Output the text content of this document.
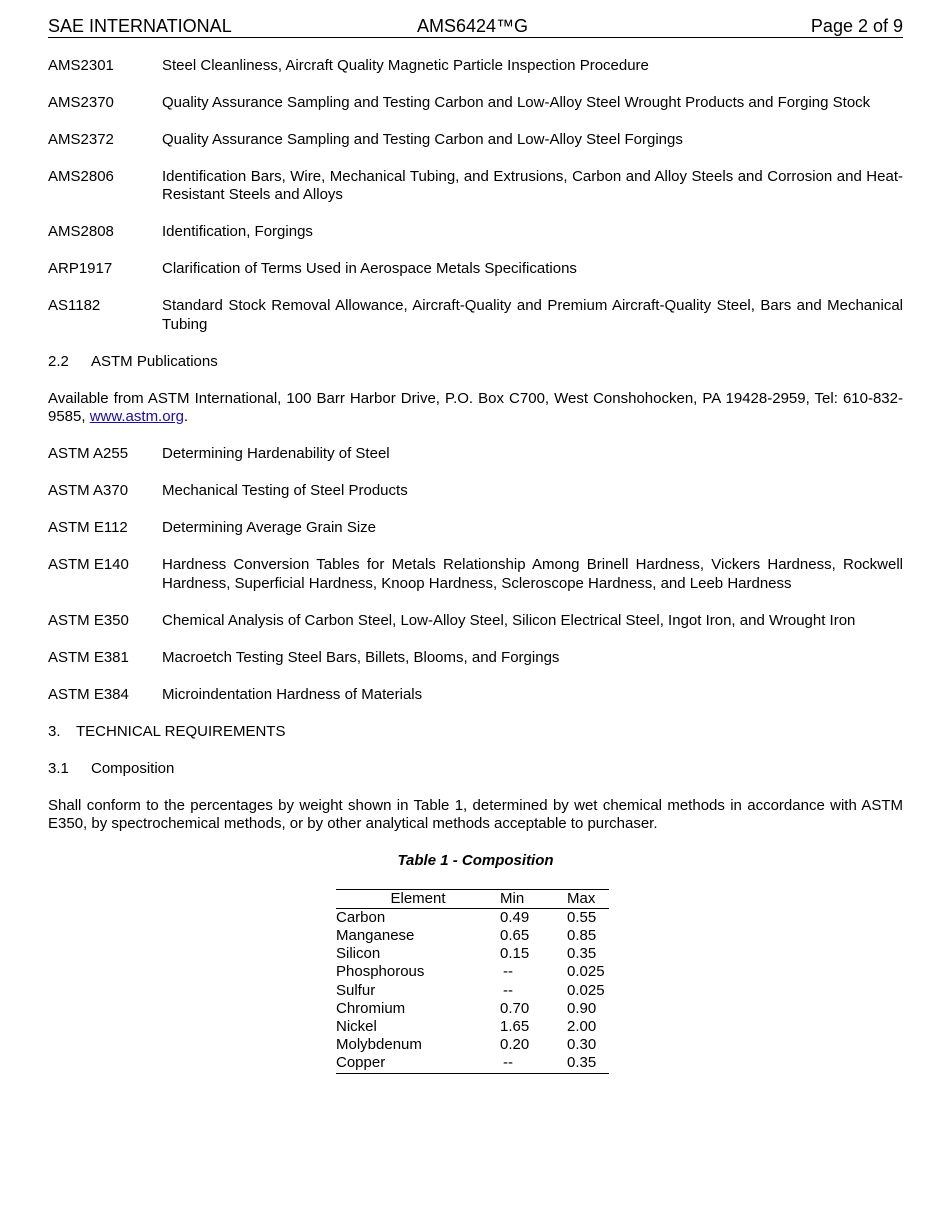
SAE INTERNATIONAL	AMS6424™G	Page 2 of 9
AMS2301	Steel Cleanliness, Aircraft Quality Magnetic Particle Inspection Procedure
AMS2370	Quality Assurance Sampling and Testing Carbon and Low-Alloy Steel Wrought Products and Forging Stock
AMS2372	Quality Assurance Sampling and Testing Carbon and Low-Alloy Steel Forgings
AMS2806	Identification Bars, Wire, Mechanical Tubing, and Extrusions, Carbon and Alloy Steels and Corrosion and Heat-Resistant Steels and Alloys
AMS2808	Identification, Forgings
ARP1917	Clarification of Terms Used in Aerospace Metals Specifications
AS1182	Standard Stock Removal Allowance, Aircraft-Quality and Premium Aircraft-Quality Steel, Bars and Mechanical Tubing
2.2 ASTM Publications
Available from ASTM International, 100 Barr Harbor Drive, P.O. Box C700, West Conshohocken, PA 19428-2959, Tel: 610-832-9585, www.astm.org.
ASTM A255	Determining Hardenability of Steel
ASTM A370	Mechanical Testing of Steel Products
ASTM E112	Determining Average Grain Size
ASTM E140	Hardness Conversion Tables for Metals Relationship Among Brinell Hardness, Vickers Hardness, Rockwell Hardness, Superficial Hardness, Knoop Hardness, Scleroscope Hardness, and Leeb Hardness
ASTM E350	Chemical Analysis of Carbon Steel, Low-Alloy Steel, Silicon Electrical Steel, Ingot Iron, and Wrought Iron
ASTM E381	Macroetch Testing Steel Bars, Billets, Blooms, and Forgings
ASTM E384	Microindentation Hardness of Materials
3. TECHNICAL REQUIREMENTS
3.1 Composition
Shall conform to the percentages by weight shown in Table 1, determined by wet chemical methods in accordance with ASTM E350, by spectrochemical methods, or by other analytical methods acceptable to purchaser.
Table 1 - Composition
Element	Min	Max
Carbon	0.49	0.55
Manganese	0.65	0.85
Silicon	0.15	0.35
Phosphorous	--	0.025
Sulfur	--	0.025
Chromium	0.70	0.90
Nickel	1.65	2.00
Molybdenum	0.20	0.30
Copper	--	0.35
